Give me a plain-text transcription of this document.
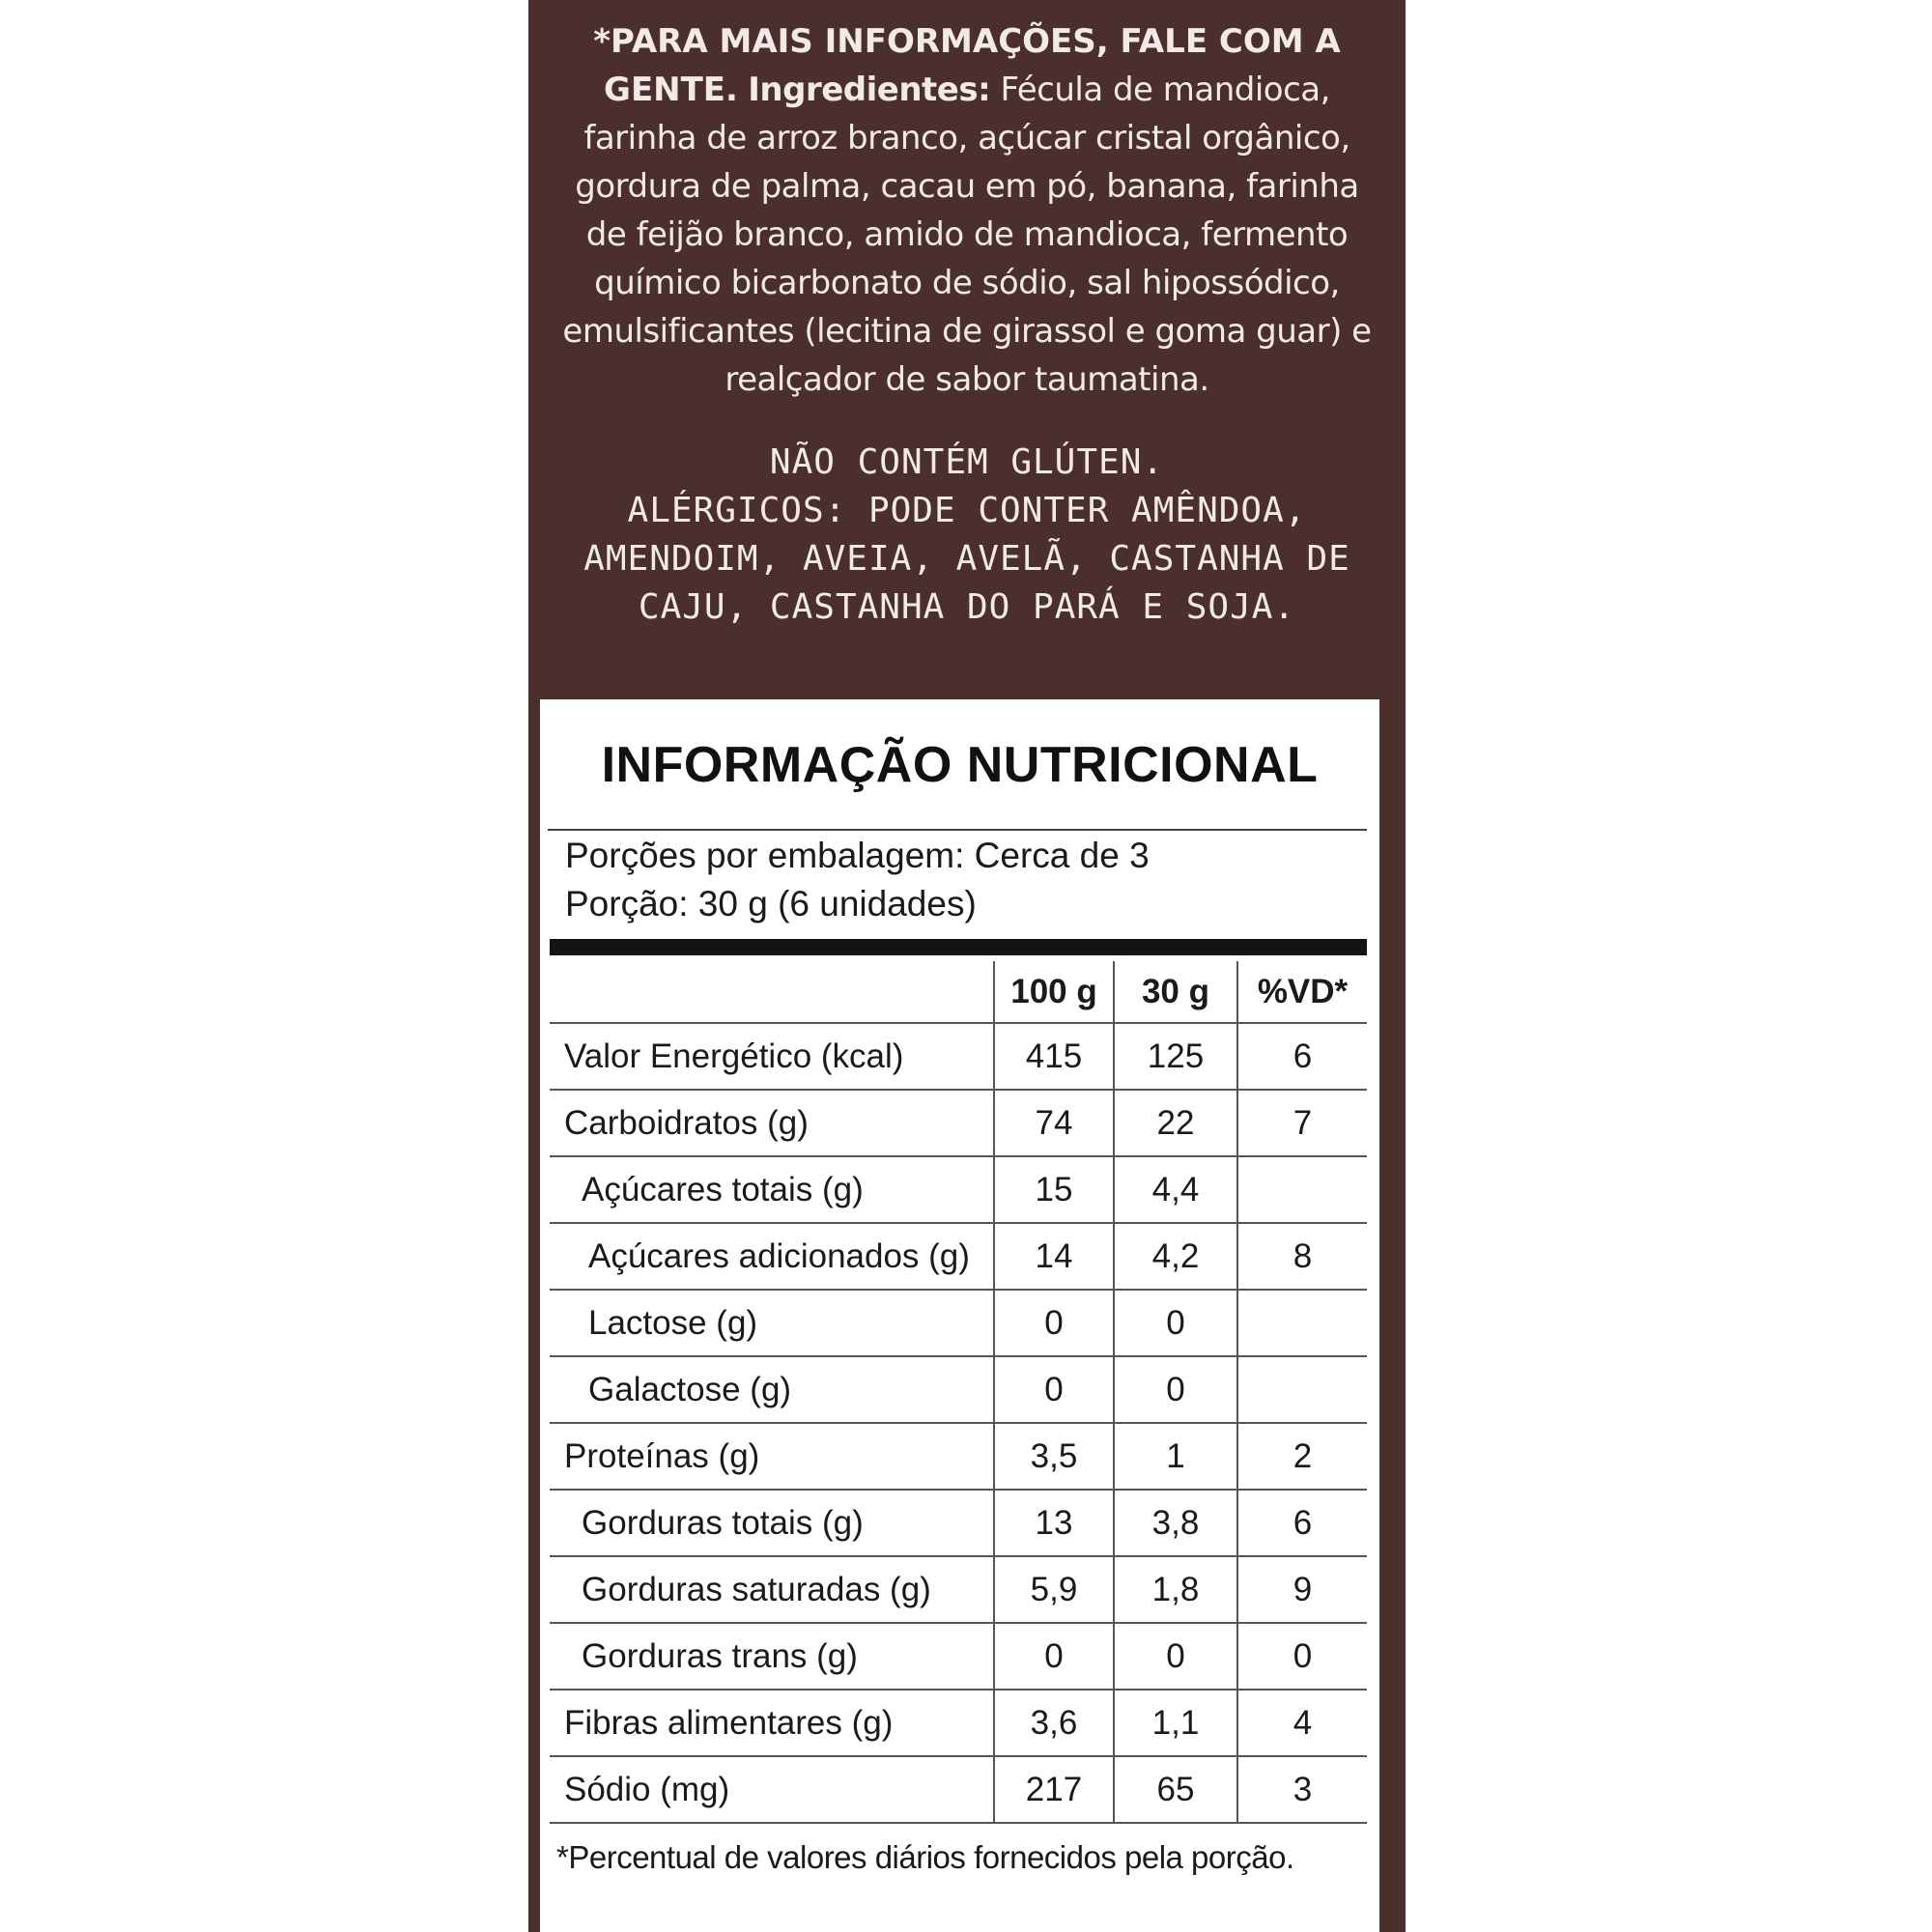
*PARA MAIS INFORMAÇÕES, FALE COM A GENTE. Ingredientes: Fécula de mandioca, farinha de arroz branco, açúcar cristal orgânico, gordura de palma, cacau em pó, banana, farinha de feijão branco, amido de mandioca, fermento químico bicarbonato de sódio, sal hipossódico, emulsificantes (lecitina de girassol e goma guar) e realçador de sabor taumatina.

NÃO CONTÉM GLÚTEN.

ALÉRGICOS: PODE CONTER AMÊNDOA, AMENDOIM, AVEIA, AVELÃ, CASTANHA DE CAJU, CASTANHA DO PARÁ E SOJA.

INFORMAÇÃO NUTRICIONAL
Porções por embalagem: Cerca de 3
Porção: 30 g (6 unidades)
	100 g	30 g	%VD*
Valor Energético (kcal)	415	125	6
Carboidratos (g)	74	22	7
Açúcares totais (g)	15	4,4	
Açúcares adicionados (g)	14	4,2	8
Lactose (g)	0	0	
Galactose (g)	0	0	
Proteínas (g)	3,5	1	2
Gorduras totais (g)	13	3,8	6
Gorduras saturadas (g)	5,9	1,8	9
Gorduras trans (g)	0	0	0
Fibras alimentares (g)	3,6	1,1	4
Sódio (mg)	217	65	3
*Percentual de valores diários fornecidos pela porção.
